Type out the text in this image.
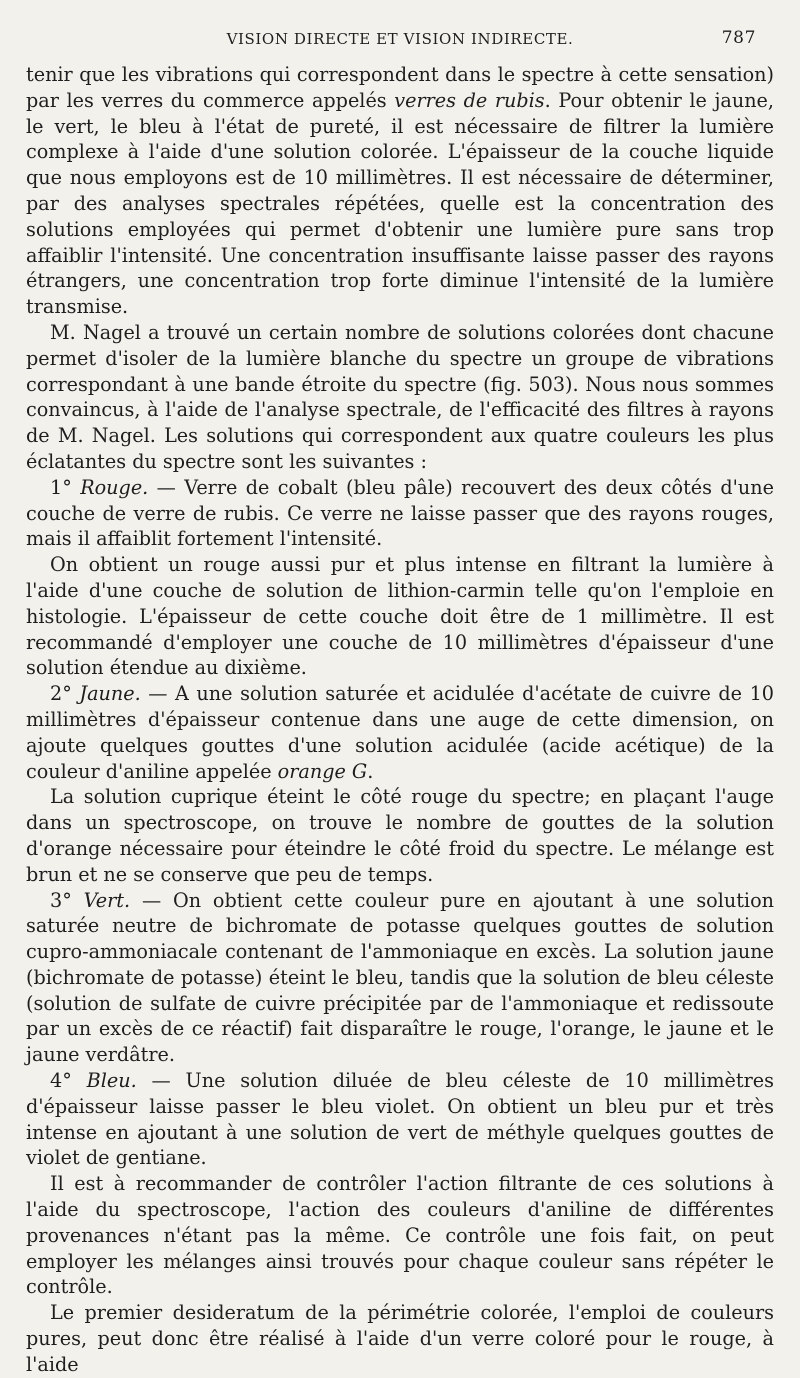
VISION DIRECTE ET VISION INDIRECTE.	787

tenir que les vibrations qui correspondent dans le spectre à cette sensation) par les verres du commerce appelés verres de rubis. Pour obtenir le jaune, le vert, le bleu à l'état de pureté, il est nécessaire de filtrer la lumière complexe à l'aide d'une solution colorée. L'épaisseur de la couche liquide que nous employons est de 10 millimètres. Il est nécessaire de déterminer, par des analyses spectrales répétées, quelle est la concentration des solutions employées qui permet d'obtenir une lumière pure sans trop affaiblir l'intensité. Une concentration insuffisante laisse passer des rayons étrangers, une concentration trop forte diminue l'intensité de la lumière transmise.

M. Nagel a trouvé un certain nombre de solutions colorées dont chacune permet d'isoler de la lumière blanche du spectre un groupe de vibrations correspondant à une bande étroite du spectre (fig. 503). Nous nous sommes convaincus, à l'aide de l'analyse spectrale, de l'efficacité des filtres à rayons de M. Nagel. Les solutions qui correspondent aux quatre couleurs les plus éclatantes du spectre sont les suivantes :

1° Rouge. — Verre de cobalt (bleu pâle) recouvert des deux côtés d'une couche de verre de rubis. Ce verre ne laisse passer que des rayons rouges, mais il affaiblit fortement l'intensité.

On obtient un rouge aussi pur et plus intense en filtrant la lumière à l'aide d'une couche de solution de lithion-carmin telle qu'on l'emploie en histologie. L'épaisseur de cette couche doit être de 1 millimètre. Il est recommandé d'employer une couche de 10 millimètres d'épaisseur d'une solution étendue au dixième.

2° Jaune. — A une solution saturée et acidulée d'acétate de cuivre de 10 millimètres d'épaisseur contenue dans une auge de cette dimension, on ajoute quelques gouttes d'une solution acidulée (acide acétique) de la couleur d'aniline appelée orange G.

La solution cuprique éteint le côté rouge du spectre; en plaçant l'auge dans un spectroscope, on trouve le nombre de gouttes de la solution d'orange nécessaire pour éteindre le côté froid du spectre. Le mélange est brun et ne se conserve que peu de temps.

3° Vert. — On obtient cette couleur pure en ajoutant à une solution saturée neutre de bichromate de potasse quelques gouttes de solution cupro-ammoniacale contenant de l'ammoniaque en excès. La solution jaune (bichromate de potasse) éteint le bleu, tandis que la solution de bleu céleste (solution de sulfate de cuivre précipitée par de l'ammoniaque et redissoute par un excès de ce réactif) fait disparaître le rouge, l'orange, le jaune et le jaune verdâtre.

4° Bleu. — Une solution diluée de bleu céleste de 10 millimètres d'épaisseur laisse passer le bleu violet. On obtient un bleu pur et très intense en ajoutant à une solution de vert de méthyle quelques gouttes de violet de gentiane.

Il est à recommander de contrôler l'action filtrante de ces solutions à l'aide du spectroscope, l'action des couleurs d'aniline de différentes provenances n'étant pas la même. Ce contrôle une fois fait, on peut employer les mélanges ainsi trouvés pour chaque couleur sans répéter le contrôle.

Le premier desideratum de la périmétrie colorée, l'emploi de couleurs pures, peut donc être réalisé à l'aide d'un verre coloré pour le rouge, à l'aide
